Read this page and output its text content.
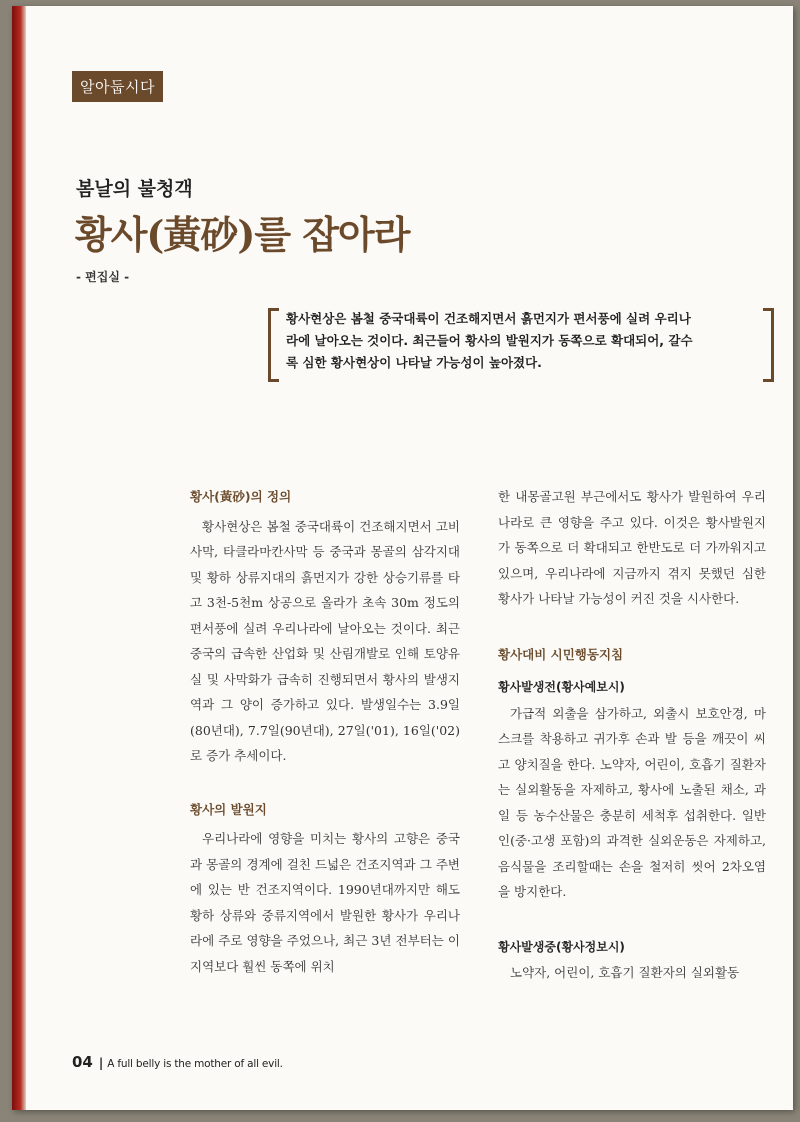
알아둡시다
봄날의 불청객
황사(黃砂)를 잡아라
- 편집실 -
황사현상은 봄철 중국대륙이 건조해지면서 흙먼지가 편서풍에 실려 우리나
라에 날아오는 것이다. 최근들어 황사의 발원지가 동쪽으로 확대되어, 갈수
록 심한 황사현상이 나타날 가능성이 높아졌다.
황사(黃砂)의 정의

황사현상은 봄철 중국대륙이 건조해지면서 고비사막, 타클라마칸사막 등 중국과 몽골의 삼각지대 및 황하 상류지대의 흙먼지가 강한 상승기류를 타고 3천-5천m 상공으로 올라가 초속 30m 정도의 편서풍에 실려 우리나라에 날아오는 것이다. 최근 중국의 급속한 산업화 및 산림개발로 인해 토양유실 및 사막화가 급속히 진행되면서 황사의 발생지역과 그 양이 증가하고 있다. 발생일수는 3.9일(80년대), 7.7일(90년대), 27일('01), 16일('02)로 증가 추세이다.

황사의 발원지

우리나라에 영향을 미치는 황사의 고향은 중국과 몽골의 경계에 걸친 드넓은 건조지역과 그 주변에 있는 반 건조지역이다. 1990년대까지만 해도 황하 상류와 중류지역에서 발원한 황사가 우리나라에 주로 영향을 주었으나, 최근 3년 전부터는 이 지역보다 훨씬 동쪽에 위치

한 내몽골고원 부근에서도 황사가 발원하여 우리나라로 큰 영향을 주고 있다. 이것은 황사발원지가 동쪽으로 더 확대되고 한반도로 더 가까워지고 있으며, 우리나라에 지금까지 겪지 못했던 심한 황사가 나타날 가능성이 커진 것을 시사한다.

황사대비 시민행동지침
황사발생전(황사예보시)

가급적 외출을 삼가하고, 외출시 보호안경, 마스크를 착용하고 귀가후 손과 발 등을 깨끗이 씨고 양치질을 한다. 노약자, 어린이, 호흡기 질환자는 실외활동을 자제하고, 황사에 노출된 채소, 과일 등 농수산물은 충분히 세척후 섭취한다. 일반인(중·고생 포함)의 과격한 실외운동은 자제하고, 음식물을 조리할때는 손을 철저히 씻어 2차오염을 방지한다.

황사발생중(황사정보시)

노약자, 어린이, 호흡기 질환자의 실외활동

04 | A full belly is the mother of all evil.
